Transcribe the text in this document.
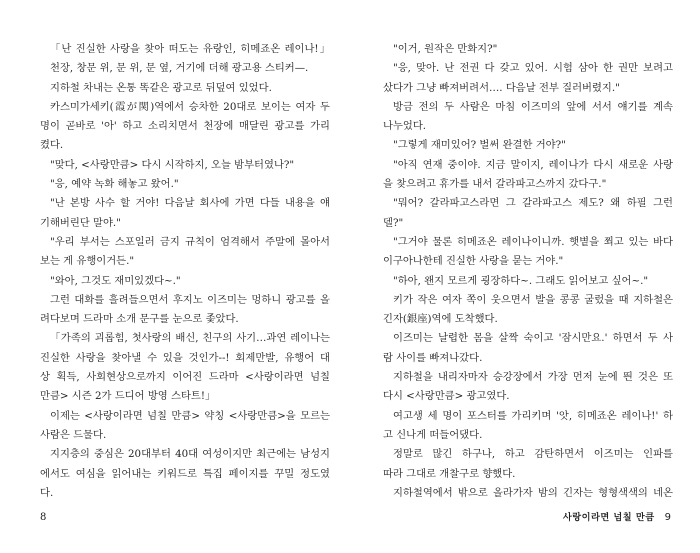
「난 진실한 사랑을 찾아 떠도는 유랑인, 히메죠온 레이나!」
천장, 창문 위, 문 위, 문 옆, 거기에 더해 광고용 스티커—.
지하철 차내는 온통 똑같은 광고로 뒤덮여 있었다.
카스미가세키(霞が関)역에서 승차한 20대로 보이는 여자 두
명이 곧바로 '아' 하고 소리치면서 천장에 매달린 광고를 가리
켰다.
"맞다, <사랑만큼> 다시 시작하지, 오늘 밤부터였나?"
"응, 예약 녹화 해놓고 왔어."
"난 본방 사수 할 거야! 다음날 회사에 가면 다들 내용을 얘
기해버린단 말야."
"우리 부서는 스포일러 금지 규칙이 엄격해서 주말에 몰아서
보는 게 유행이거든."
"와아, 그것도 재미있겠다~."
그런 대화를 흘려들으면서 후지노 이즈미는 멍하니 광고를 올
려다보며 드라마 소개 문구를 눈으로 좇았다.
「가족의 괴롭힘, 첫사랑의 배신, 친구의 사기…과연 레이나는
진실한 사랑을 찾아낼 수 있을 것인가--! 회제만발, 유행어 대
상 획득, 사회현상으로까지 이어진 드라마 <사랑이라면 넘칠
만큼> 시즌 2가 드디어 방영 스타트!」
이제는 <사랑이라면 넘칠 만큼> 약칭 <사랑만큼>을 모르는
사람은 드물다.
지지층의 중심은 20대부터 40대 여성이지만 최근에는 남성지
에서도 여심을 읽어내는 키워드로 특집 페이지를 꾸밀 정도였
다.
"이거, 원작은 만화지?"
"응, 맞아. 난 전권 다 갖고 있어. 시험 삼아 한 권만 보려고
샀다가 그냥 빠져버려서…. 다음날 전부 질러버렸지."
방금 전의 두 사람은 마침 이즈미의 앞에 서서 얘기를 계속
나누었다.
"그렇게 재미있어? 벌써 완결한 거야?"
"아직 연재 중이야. 지금 말이지, 레이나가 다시 새로운 사랑
을 찾으려고 휴가를 내서 갈라파고스까지 갔다구."
"뭐어? 갈라파고스라면 그 갈라파고스 제도? 왜 하필 그런
델?"
"그거야 물론 히메죠온 레이나이니까. 햇볕을 쬐고 있는 바다
이구아나한테 진실한 사랑을 묻는 거야."
"하아, 왠지 모르게 굉장하다~. 그래도 읽어보고 싶어~."
키가 작은 여자 쪽이 웃으면서 발을 콩콩 굴렀을 때 지하철은
긴자(銀座)역에 도착했다.
이즈미는 날렵한 몸을 살짝 숙이고 '잠시만요.' 하면서 두 사
람 사이를 빠져나갔다.
지하철을 내리자마자 승강장에서 가장 먼저 눈에 띈 것은 또
다시 <사랑만큼> 광고였다.
여고생 세 명이 포스터를 가리키며 '앗, 히메죠온 레이나!' 하
고 신나게 떠들어댔다.
정말로 많긴 하구나, 하고 감탄하면서 이즈미는 인파를
따라 그대로 개찰구로 향했다.
지하철역에서 밖으로 올라가자 밤의 긴자는 형형색색의 네온
8	사랑이라면 넘칠 만큼 9
